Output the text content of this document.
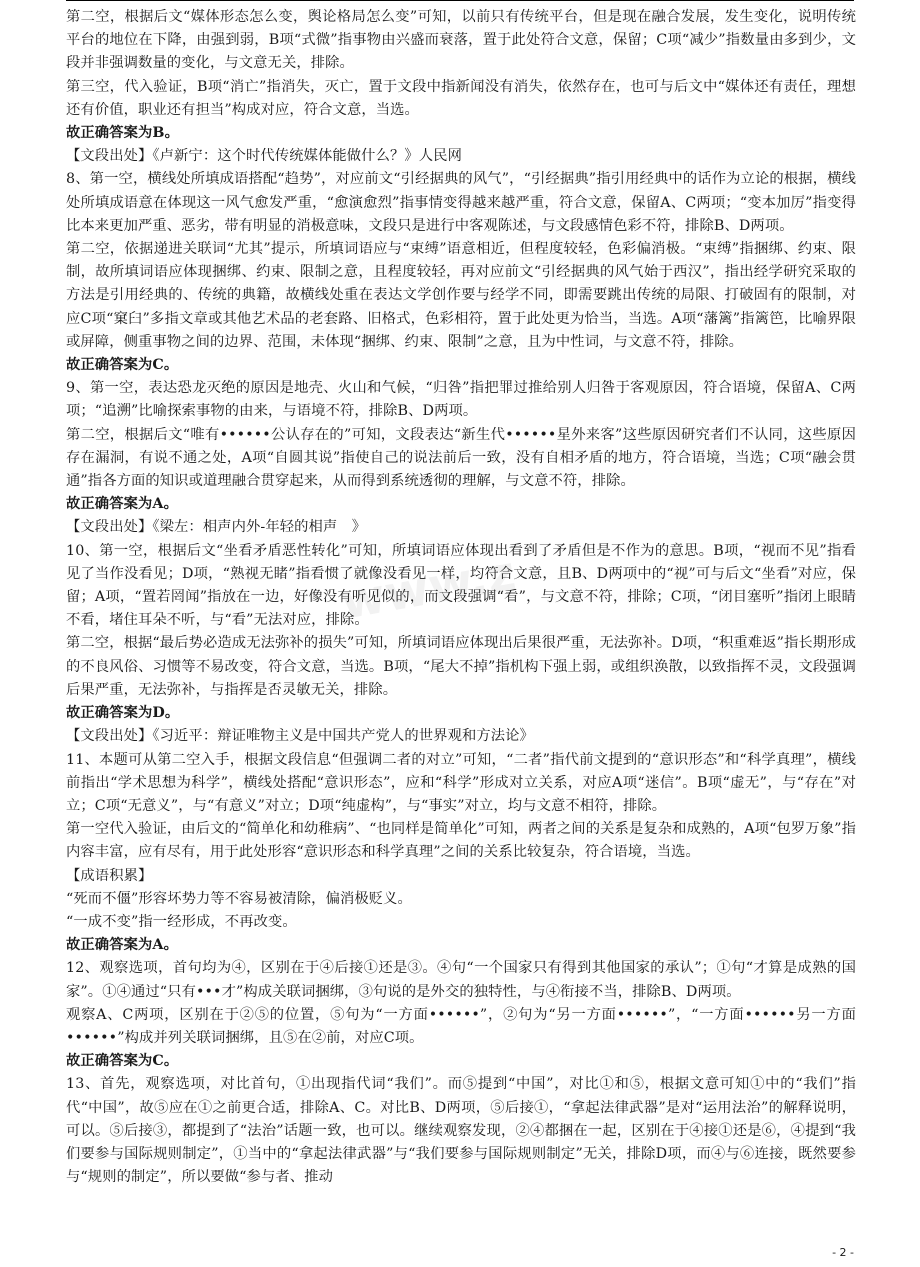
www.z

第二空，根据后文“媒体形态怎么变，舆论格局怎么变”可知，以前只有传统平台，但是现在融合发展，发生变化，说明传统平台的地位在下降，由强到弱，B项“式微”指事物由兴盛而衰落，置于此处符合文意，保留；C项“减少”指数量由多到少，文段并非强调数量的变化，与文意无关，排除。

第三空，代入验证，B项“消亡”指消失，灭亡，置于文段中指新闻没有消失，依然存在，也可与后文中“媒体还有责任，理想还有价值，职业还有担当”构成对应，符合文意，当选。

故正确答案为B。

【文段出处】《卢新宁：这个时代传统媒体能做什么？》人民网

8、第一空，横线处所填成语搭配“趋势”，对应前文“引经据典的风气”，“引经据典”指引用经典中的话作为立论的根据，横线处所填成语意在体现这一风气愈发严重，“愈演愈烈”指事情变得越来越严重，符合文意，保留A、C两项；“变本加厉”指变得比本来更加严重、恶劣，带有明显的消极意味，文段只是进行中客观陈述，与文段感情色彩不符，排除B、D两项。

第二空，依据递进关联词“尤其”提示，所填词语应与“束缚”语意相近，但程度较轻，色彩偏消极。“束缚”指捆绑、约束、限制，故所填词语应体现捆绑、约束、限制之意，且程度较轻，再对应前文“引经据典的风气始于西汉”，指出经学研究采取的方法是引用经典的、传统的典籍，故横线处重在表达文学创作要与经学不同，即需要跳出传统的局限、打破固有的限制，对应C项“窠臼”多指文章或其他艺术品的老套路、旧格式，色彩相符，置于此处更为恰当，当选。A项“藩篱”指篱笆，比喻界限或屏障，侧重事物之间的边界、范围，未体现“捆绑、约束、限制”之意，且为中性词，与文意不符，排除。

故正确答案为C。

9、第一空，表达恐龙灭绝的原因是地壳、火山和气候，“归咎”指把罪过推给别人归咎于客观原因，符合语境，保留A、C两项；“追溯”比喻探索事物的由来，与语境不符，排除B、D两项。

第二空，根据后文“唯有••••••公认存在的”可知，文段表达“新生代••••••星外来客”这些原因研究者们不认同，这些原因存在漏洞，有说不通之处，A项“自圆其说”指使自己的说法前后一致，没有自相矛盾的地方，符合语境，当选；C项“融会贯通”指各方面的知识或道理融合贯穿起来，从而得到系统透彻的理解，与文意不符，排除。

故正确答案为A。

【文段出处】《梁左：相声内外-年轻的相声　》

10、第一空，根据后文“坐看矛盾恶性转化”可知，所填词语应体现出看到了矛盾但是不作为的意思。B项，“视而不见”指看见了当作没看见；D项，“熟视无睹”指看惯了就像没看见一样，均符合文意，且B、D两项中的“视”可与后文“坐看”对应，保留；A项，“置若罔闻”指放在一边，好像没有听见似的，而文段强调“看”，与文意不符，排除；C项，“闭目塞听”指闭上眼睛不看，堵住耳朵不听，与“看”无法对应，排除。

第二空，根据“最后势必造成无法弥补的损失”可知，所填词语应体现出后果很严重，无法弥补。D项，“积重难返”指长期形成的不良风俗、习惯等不易改变，符合文意，当选。B项，“尾大不掉”指机构下强上弱，或组织涣散，以致指挥不灵，文段强调后果严重，无法弥补，与指挥是否灵敏无关，排除。

故正确答案为D。

【文段出处】《习近平：辩证唯物主义是中国共产党人的世界观和方法论》

11、本题可从第二空入手，根据文段信息“但强调二者的对立”可知，“二者”指代前文提到的“意识形态”和“科学真理”，横线前指出“学术思想为科学”，横线处搭配“意识形态”，应和“科学”形成对立关系，对应A项“迷信”。B项“虚无”，与“存在”对立；C项“无意义”，与“有意义”对立；D项“纯虚构”，与“事实”对立，均与文意不相符，排除。

第一空代入验证，由后文的“简单化和幼稚病”、“也同样是简单化”可知，两者之间的关系是复杂和成熟的，A项“包罗万象”指内容丰富，应有尽有，用于此处形容“意识形态和科学真理”之间的关系比较复杂，符合语境，当选。

【成语积累】

“死而不僵”形容坏势力等不容易被清除，偏消极贬义。

“一成不变”指一经形成，不再改变。

故正确答案为A。

12、观察选项，首句均为④，区别在于④后接①还是③。④句“一个国家只有得到其他国家的承认”；①句“才算是成熟的国家”。①④通过“只有•••才”构成关联词捆绑，③句说的是外交的独特性，与④衔接不当，排除B、D两项。

观察A、C两项，区别在于②⑤的位置，⑤句为“一方面••••••”，②句为“另一方面••••••”，“一方面••••••另一方面••••••”构成并列关联词捆绑，且⑤在②前，对应C项。

故正确答案为C。

13、首先，观察选项，对比首句，①出现指代词“我们”。而⑤提到“中国”，对比①和⑤，根据文意可知①中的“我们”指代“中国”，故⑤应在①之前更合适，排除A、C。对比B、D两项，⑤后接①，“拿起法律武器”是对“运用法治”的解释说明，可以。⑤后接③，都提到了“法治”话题一致，也可以。继续观察发现，②④都捆在一起，区别在于④接①还是⑥，④提到“我们要参与国际规则制定”，①当中的“拿起法律武器”与“我们要参与国际规则制定”无关，排除D项，而④与⑥连接，既然要参与“规则的制定”，所以要做“参与者、推动

- 2 -
